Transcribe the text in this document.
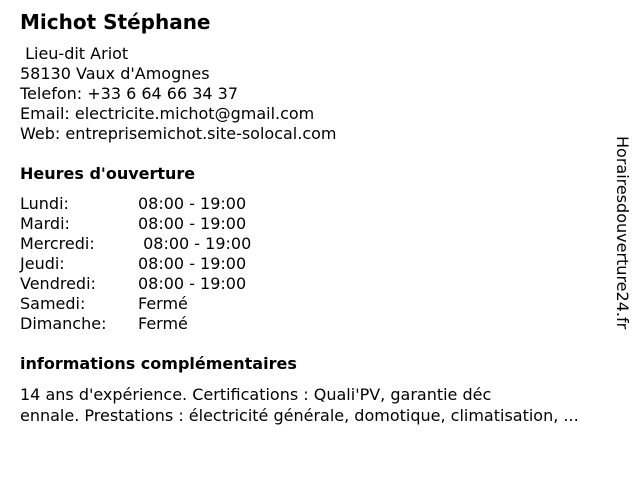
Michot Stéphane
Lieu-dit Ariot
58130 Vaux d'Amognes
Telefon: +33 6 64 66 34 37
Email: electricite.michot@gmail.com
Web: entreprisemichot.site-solocal.com
Heures d'ouverture
Lundi:	08:00 - 19:00
Mardi:	08:00 - 19:00
Mercredi:	08:00 - 19:00
Jeudi:	08:00 - 19:00
Vendredi:	08:00 - 19:00
Samedi:	Fermé
Dimanche: Fermé
informations complémentaires
14 ans d'expérience. Certifications : Quali'PV, garantie déc
ennale. Prestations : électricité générale, domotique, climatisation, ...
Horairesdouverture24.fr
